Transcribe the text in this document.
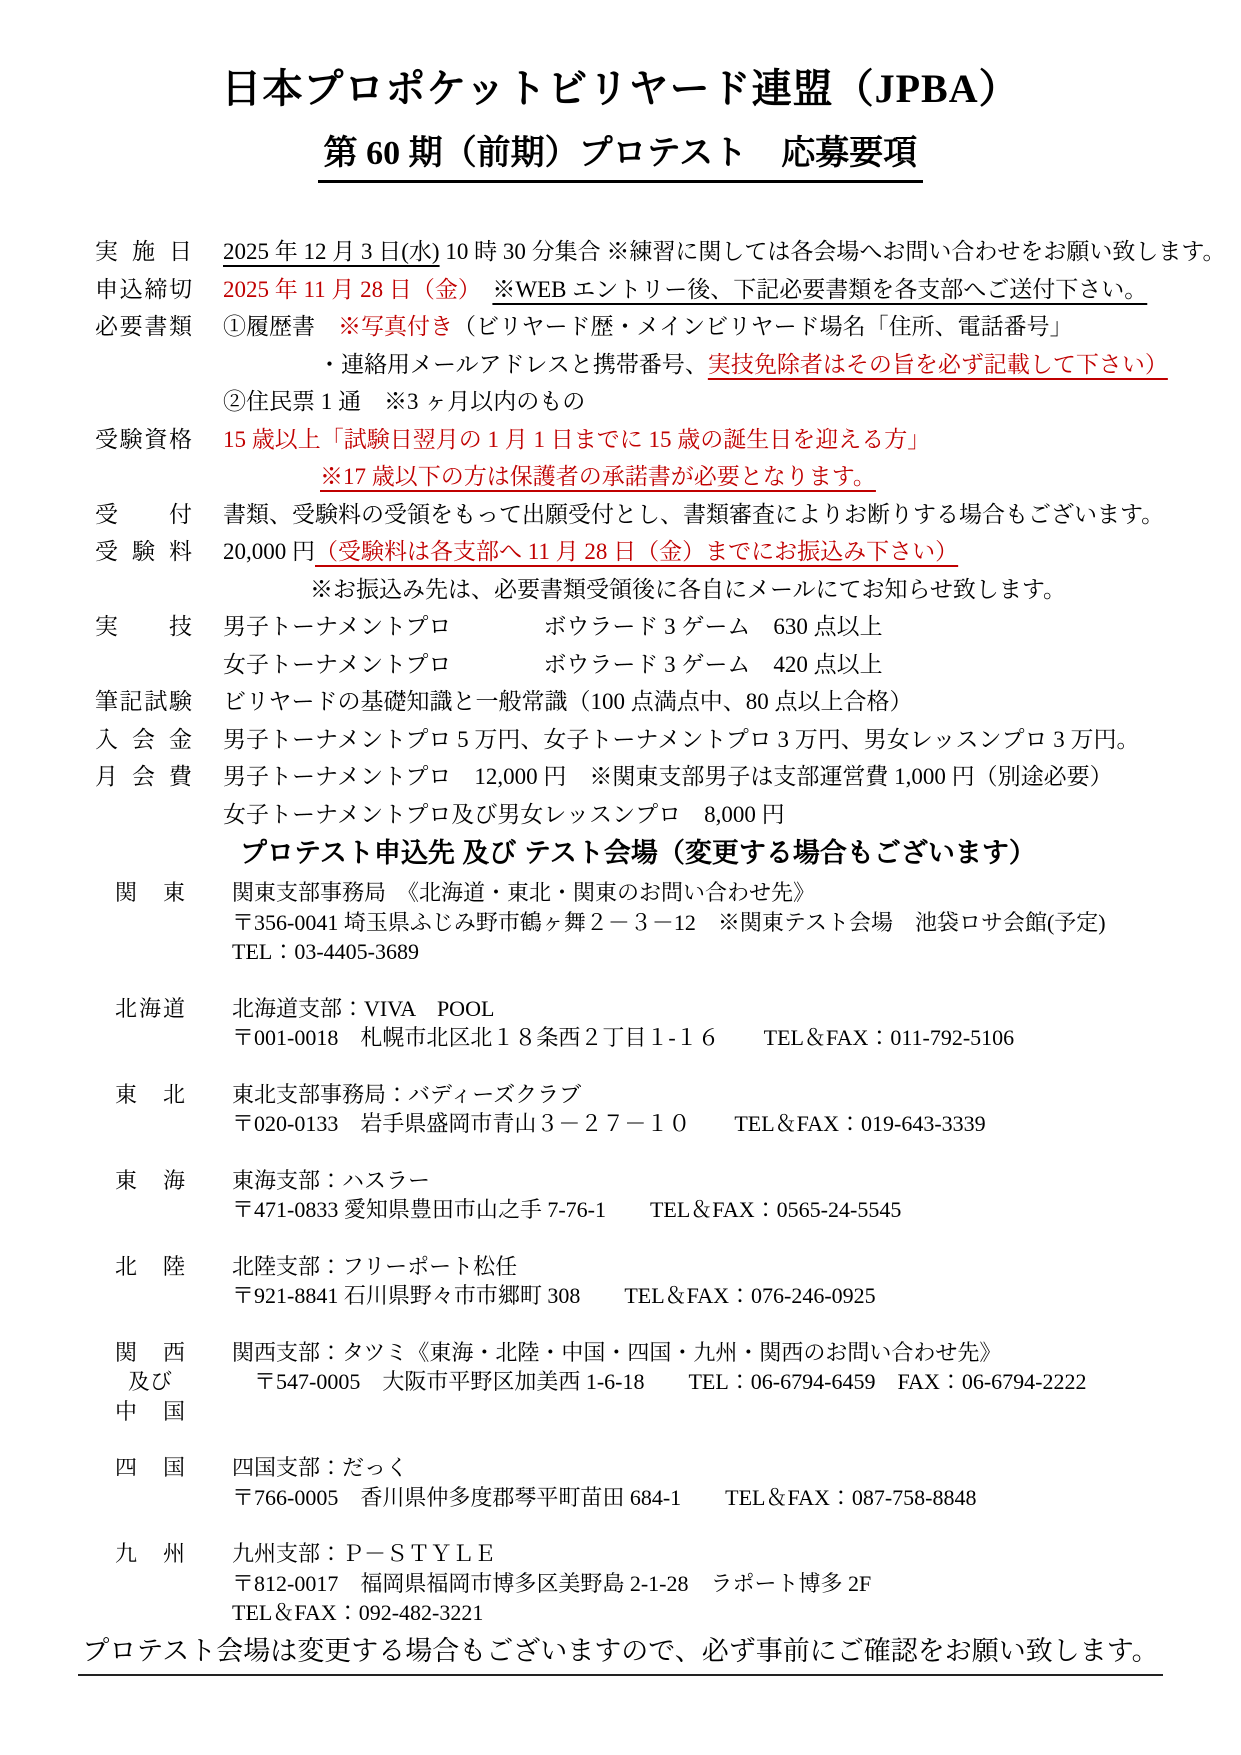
日本プロポケットビリヤード連盟（JPBA）
第 60 期（前期）プロテスト　応募要項
実 施 日 2025 年 12 月 3 日(水) 10 時 30 分集合 ※練習に関しては各会場へお問い合わせをお願い致します。
申 込 締 切 2025 年 11 月 28 日（金）　 ※WEB エントリー後、下記必要書類を各支部へご送付下さい。
必 要 書 類 ①履歴書　※写真付き（ビリヤード歴・メインビリヤード場名「住所、電話番号」
・連絡用メールアドレスと携帯番号、実技免除者はその旨を必ず記載して下さい）
②住民票 1 通　※3 ヶ月以内のもの
受 験 資 格 15 歳以上「試験日翌月の 1 月 1 日までに 15 歳の誕生日を迎える方」
※17 歳以下の方は保護者の承諾書が必要となります。
受 付 書類、受験料の受領をもって出願受付とし、書類審査によりお断りする場合もございます。
受 験 料 20,000 円（受験料は各支部へ 11 月 28 日（金）までにお振込み下さい）
※お振込み先は、必要書類受領後に各自にメールにてお知らせ致します。
実 技 男子トーナメントプロ　　　　ボウラード 3 ゲーム　630 点以上
女子トーナメントプロ　　　　ボウラード 3 ゲーム　420 点以上
筆 記 試 験 ビリヤードの基礎知識と一般常識（100 点満点中、80 点以上合格）
入 会 金 男子トーナメントプロ 5 万円、女子トーナメントプロ 3 万円、男女レッスンプロ 3 万円。
月 会 費 男子トーナメントプロ　12,000 円　※関東支部男子は支部運営費 1,000 円（別途必要）
女子トーナメントプロ及び男女レッスンプロ　8,000 円
プロテスト申込先 及び テスト会場（変更する場合もございます）
関 東 関東支部事務局　《北海道・東北・関東のお問い合わせ先》
〒356-0041 埼玉県ふじみ野市鶴ヶ舞２－３－12　※関東テスト会場　池袋ロサ会館(予定)
TEL：03-4405-3689
北 海 道 北海道支部：VIVA　POOL
〒001-0018　札幌市北区北１８条西２丁目１-１６　　TEL＆FAX：011-792-5106
東 北 東北支部事務局：バディーズクラブ
〒020-0133　岩手県盛岡市青山３－２７－１０　　TEL＆FAX：019-643-3339
東 海 東海支部：ハスラー
〒471-0833 愛知県豊田市山之手 7-76-1　　TEL＆FAX：0565-24-5545
北 陸 北陸支部：フリーポート松任
〒921-8841 石川県野々市市郷町 308　　TEL＆FAX：076-246-0925
関 西
及び
中 国
関西支部：タツミ《東海・北陸・中国・四国・九州・関西のお問い合わせ先》
　〒547-0005　大阪市平野区加美西 1-6-18　　TEL：06-6794-6459　FAX：06-6794-2222
四 国 四国支部：だっく
〒766-0005　香川県仲多度郡琴平町苗田 684-1　　TEL＆FAX：087-758-8848
九 州 九州支部：Ｐ－ＳＴＹＬＥ
〒812-0017　福岡県福岡市博多区美野島 2-1-28　ラポート博多 2F
TEL＆FAX：092-482-3221
プロテスト会場は変更する場合もございますので、必ず事前にご確認をお願い致します。
